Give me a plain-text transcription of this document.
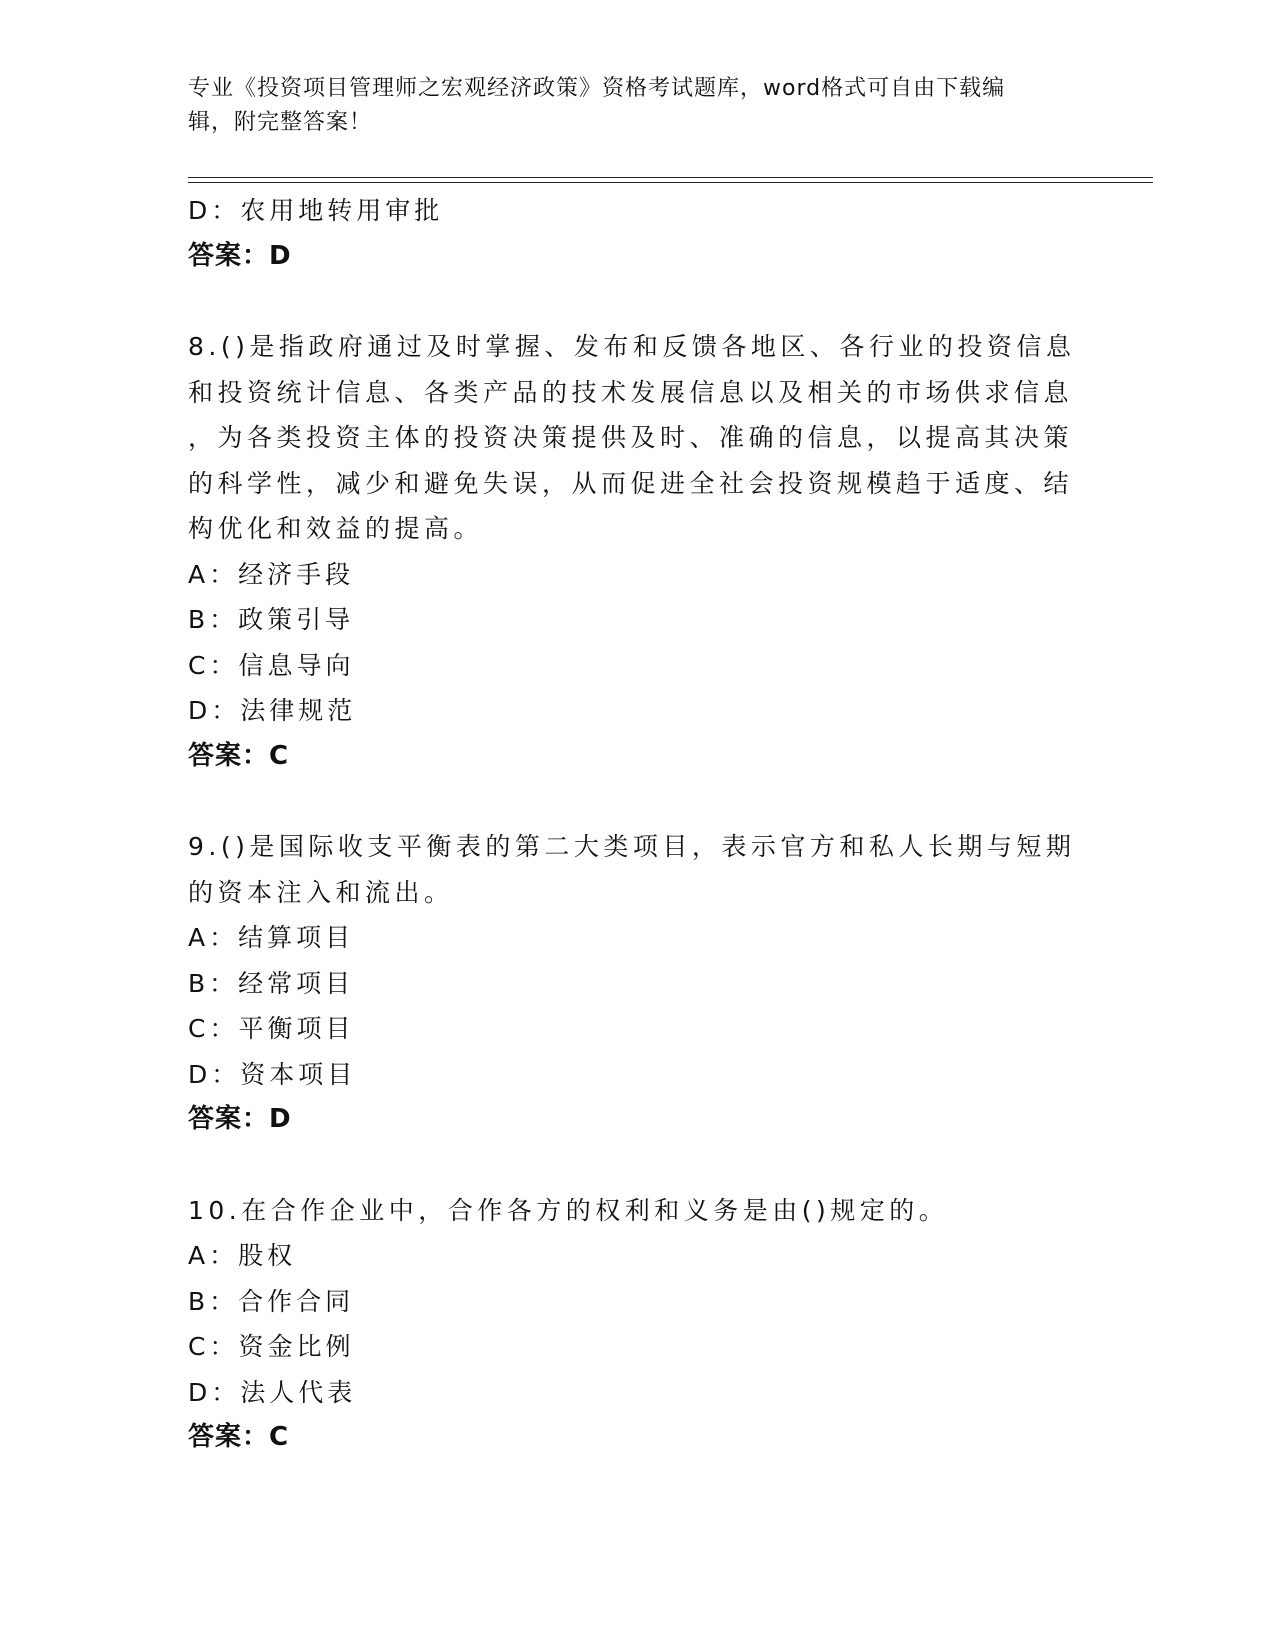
专业《投资项目管理师之宏观经济政策》资格考试题库，word格式可自由下载编
辑，附完整答案！
D：农用地转用审批
答案：D
8.()是指政府通过及时掌握、发布和反馈各地区、各行业的投资信息
和投资统计信息、各类产品的技术发展信息以及相关的市场供求信息
，为各类投资主体的投资决策提供及时、准确的信息，以提高其决策
的科学性，减少和避免失误，从而促进全社会投资规模趋于适度、结
构优化和效益的提高。
A：经济手段
B：政策引导
C：信息导向
D：法律规范
答案：C
9.()是国际收支平衡表的第二大类项目，表示官方和私人长期与短期
的资本注入和流出。
A：结算项目
B：经常项目
C：平衡项目
D：资本项目
答案：D
10.在合作企业中，合作各方的权利和义务是由()规定的。
A：股权
B：合作合同
C：资金比例
D：法人代表
答案：C
